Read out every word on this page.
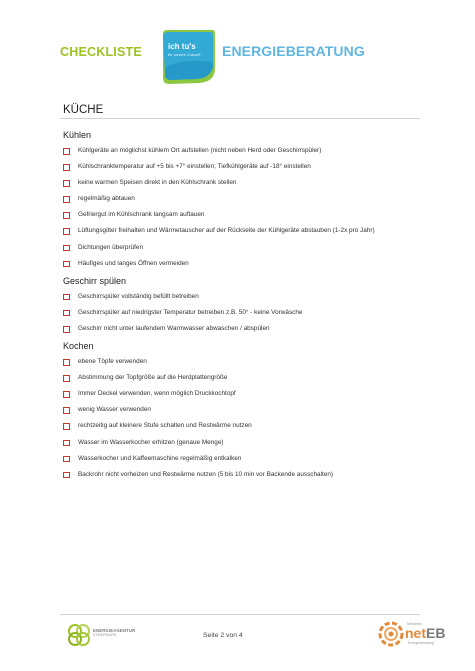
CHECKLISTE	ich tu's
für unsere Zukunft	ENERGIEBERATUNG
KÜCHE
Kühlen
Kühlgeräte an möglichst kühlem Ort aufstellen (nicht neben Herd oder Geschirrspüler)
Kühlschranktemperatur auf +5 bis +7° einstellen; Tiefkühlgeräte auf -18° einstellen
keine warmen Speisen direkt in den Kühlschrank stellen
regelmäßig abtauen
Gefriergut im Kühlschrank langsam auftauen
Lüftungsgitter freihalten und Wärmetauscher auf der Rückseite der Kühlgeräte abstauben (1-2x pro Jahr)
Dichtungen überprüfen
Häufiges und langes Öffnen vermeiden
Geschirr spülen
Geschirrspüler vollständig befüllt betreiben
Geschirrspüler auf niedrigster Temperatur betreiben z.B. 50° - keine Vorwäsche
Geschirr nicht unter laufendem Warmwasser abwaschen / abspülen
Kochen
ebene Töpfe verwenden
Abstimmung der Topfgröße auf die Herdplattengröße
Immer Deckel verwenden, wenn möglich Druckkochtopf
wenig Wasser verwenden
rechtzeitig auf kleinere Stufe schalten und Restwärme nutzen
Wasser im Wasserkocher erhitzen (genaue Menge)
Wasserkocher und Kaffeemaschine regelmäßig entkalken
Backrohr nicht vorheizen und Restwärme nutzen (5 bis 10 min vor Backende ausschalten)
ENERGIEAGENTUR
STEIERMARK	Seite 2 von 4
Netzwerk
netEB
Energieberatung
